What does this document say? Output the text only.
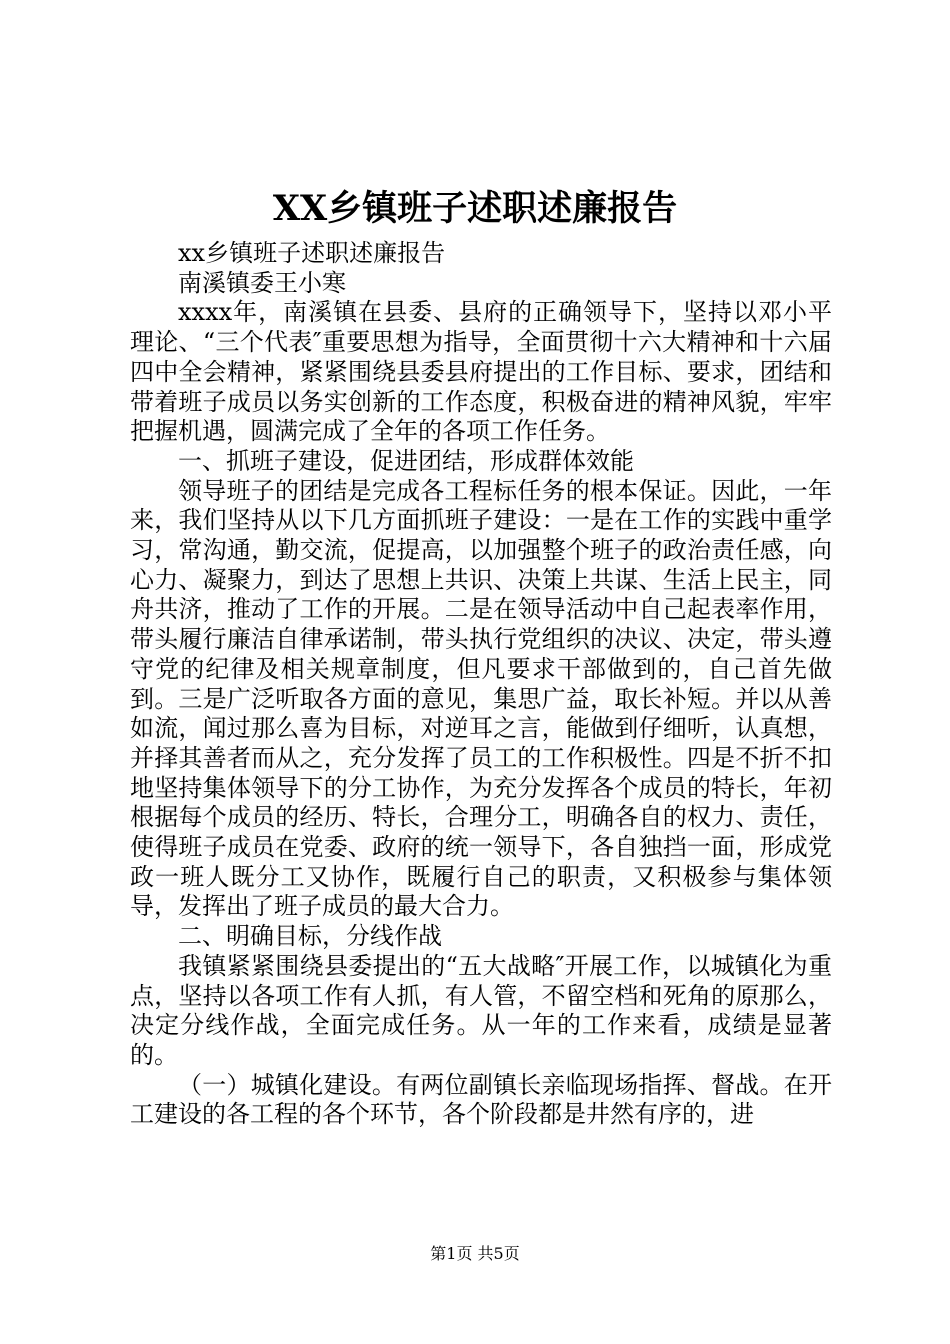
XX乡镇班子述职述廉报告

xx乡镇班子述职述廉报告

南溪镇委王小寒

xxxx年，南溪镇在县委、县府的正确领导下，坚持以邓小平理论、“三个代表″重要思想为指导，全面贯彻十六大精神和十六届四中全会精神，紧紧围绕县委县府提出的工作目标、要求，团结和带着班子成员以务实创新的工作态度，积极奋进的精神风貌，牢牢把握机遇，圆满完成了全年的各项工作任务。

一、抓班子建设，促进团结，形成群体效能

领导班子的团结是完成各工程标任务的根本保证。因此，一年来，我们坚持从以下几方面抓班子建设：一是在工作的实践中重学习，常沟通，勤交流，促提高，以加强整个班子的政治责任感，向心力、凝聚力，到达了思想上共识、决策上共谋、生活上民主，同舟共济，推动了工作的开展。二是在领导活动中自己起表率作用，带头履行廉洁自律承诺制，带头执行党组织的决议、决定，带头遵守党的纪律及相关规章制度，但凡要求干部做到的，自己首先做到。三是广泛听取各方面的意见，集思广益，取长补短。并以从善如流，闻过那么喜为目标，对逆耳之言，能做到仔细听，认真想，并择其善者而从之，充分发挥了员工的工作积极性。四是不折不扣地坚持集体领导下的分工协作，为充分发挥各个成员的特长，年初根据每个成员的经历、特长，合理分工，明确各自的权力、责任，使得班子成员在党委、政府的统一领导下，各自独挡一面，形成党政一班人既分工又协作，既履行自己的职责，又积极参与集体领导，发挥出了班子成员的最大合力。

二、明确目标，分线作战

我镇紧紧围绕县委提出的“五大战略″开展工作，以城镇化为重点，坚持以各项工作有人抓，有人管，不留空档和死角的原那么，决定分线作战，全面完成任务。从一年的工作来看，成绩是显著的。

（一）城镇化建设。有两位副镇长亲临现场指挥、督战。在开工建设的各工程的各个环节，各个阶段都是井然有序的，进

第1页 共5页
